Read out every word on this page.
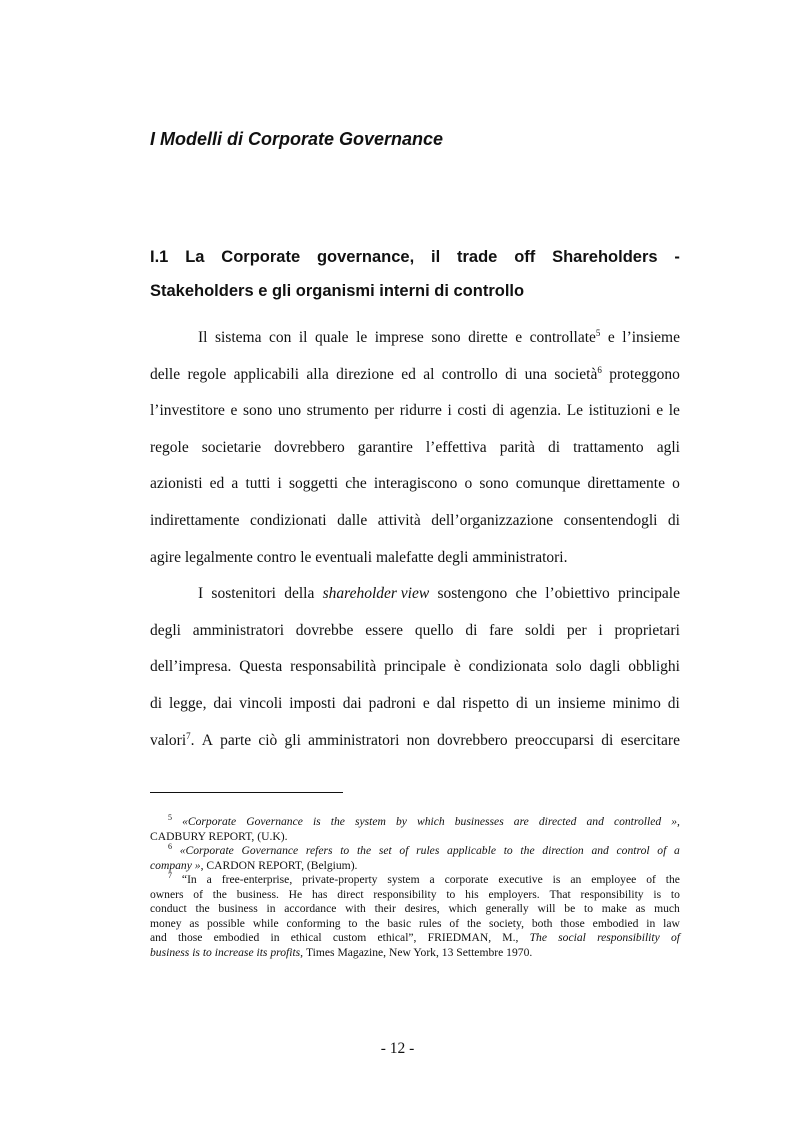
I Modelli di Corporate Governance
I.1 La Corporate governance, il trade off Shareholders -
Stakeholders e gli organismi interni di controllo
Il sistema con il quale le imprese sono dirette e controllate$^5$ e l’insieme
delle regole applicabili alla direzione ed al controllo di una società$^6$ proteggono
l’investitore e sono uno strumento per ridurre i costi di agenzia. Le istituzioni e le
regole societarie dovrebbero garantire l’effettiva parità di trattamento agli
azionisti ed a tutti i soggetti che interagiscono o sono comunque direttamente o
indirettamente condizionati dalle attività dell’organizzazione consentendogli di
agire legalmente contro le eventuali malefatte degli amministratori.
I sostenitori della shareholder view sostengono che l’obiettivo principale
degli amministratori dovrebbe essere quello di fare soldi per i proprietari
dell’impresa. Questa responsabilità principale è condizionata solo dagli obblighi
di legge, dai vincoli imposti dai padroni e dal rispetto di un insieme minimo di
valori$^7$. A parte ciò gli amministratori non dovrebbero preoccuparsi di esercitare
$^5$ «Corporate Governance is the system by which businesses are directed and controlled »,
CADBURY REPORT, (U.K).
$^6$ «Corporate Governance refers to the set of rules applicable to the direction and control of a
company » , CARDON REPORT, (Belgium).
$^7$ “In a free-enterprise, private-property system a corporate executive is an employee of the
owners of the business. He has direct responsibility to his employers. That responsibility is to
conduct the business in accordance with their desires, which generally will be to make as much
money as possible while conforming to the basic rules of the society, both those embodied in law
and those embodied in ethical custom ethical”, FRIEDMAN, M., The social responsibility of
business is to increase its profits, Times Magazine, New York, 13 Settembre 1970.
- 12 -
